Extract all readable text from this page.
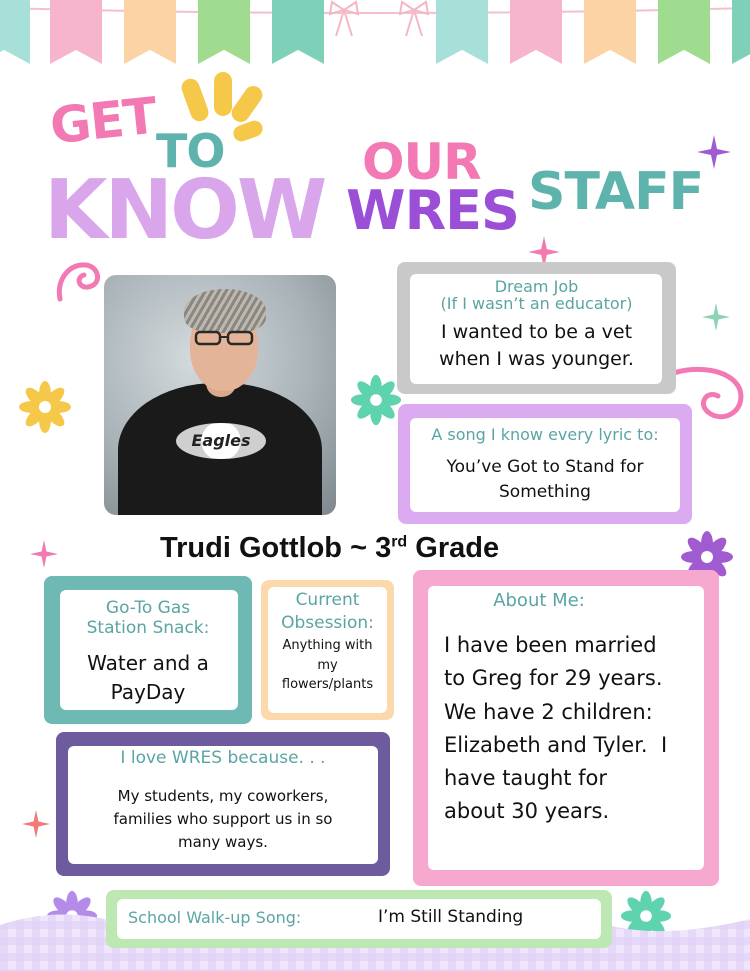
GET
TO
KNOW
OUR
WRES STAFF
Eagles
Dream Job
(If I wasn’t an educator)
I wanted to be a vet
when I was younger.
A song I know every lyric to:
You’ve Got to Stand for
Something
Trudi Gottlob ~ 3rd Grade
Go-To Gas
Station Snack:
Water and a
PayDay
Current
Obsession:
Anything with
my
flowers/plants
About Me:
I have been married
to Greg for 29 years.
We have 2 children:
Elizabeth and Tyler.  I
have taught for
about 30 years.
I love WRES because. . .
My students, my coworkers,
families who support us in so
many ways.
School Walk-up Song:	I’m Still Standing
